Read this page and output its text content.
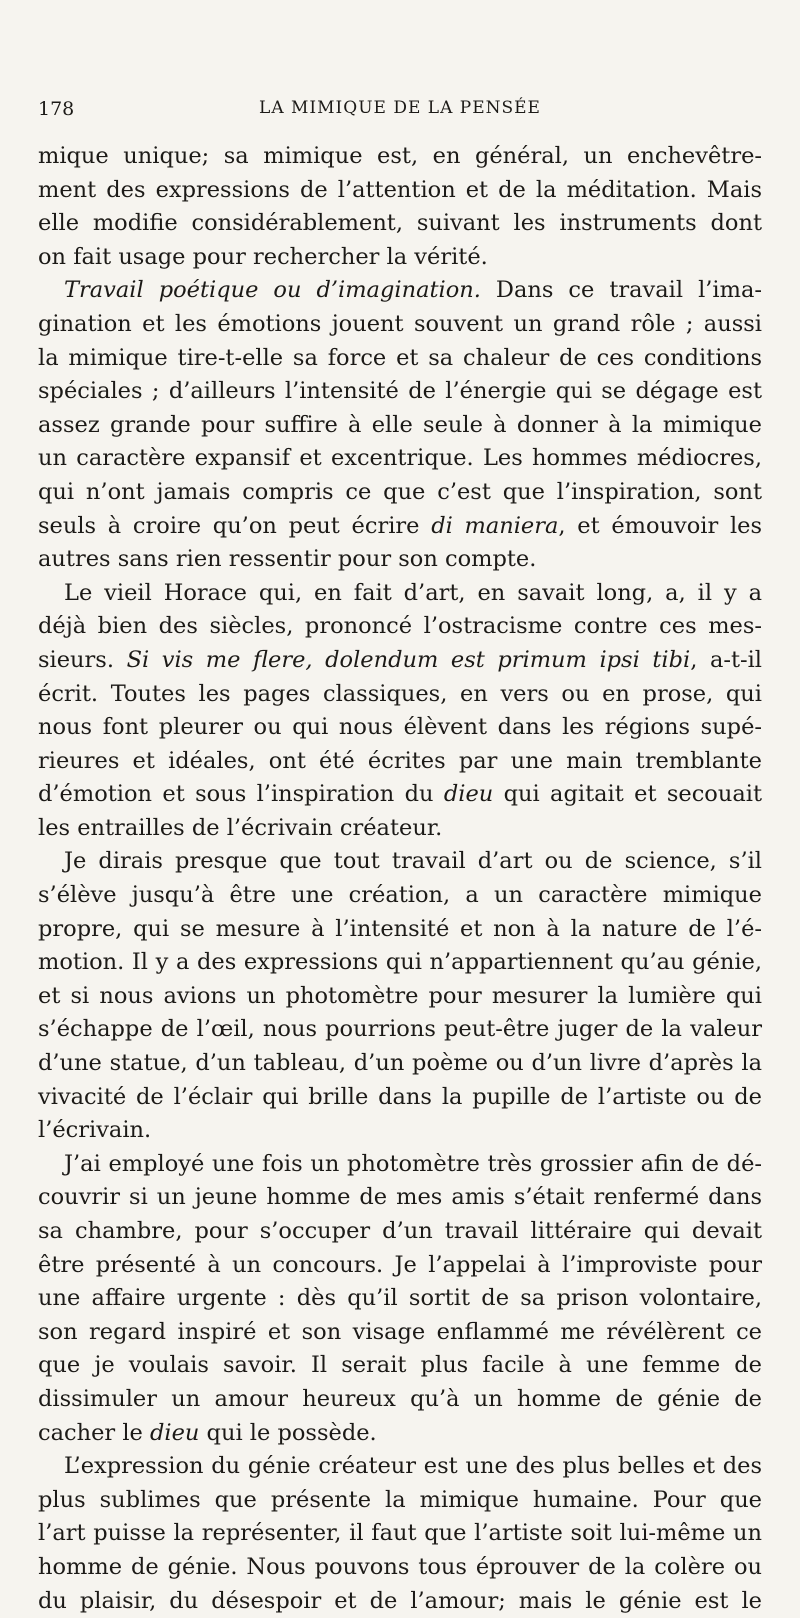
178	LA MIMIQUE DE LA PENSÉE
mique unique; sa mimique est, en général, un enchevêtre-
ment des expressions de l’attention et de la méditation. Mais
elle modifie considérablement, suivant les instruments dont
on fait usage pour rechercher la vérité.
Travail poétique ou d’imagination. Dans ce travail l’ima-
gination et les émotions jouent souvent un grand rôle ; aussi
la mimique tire-t-elle sa force et sa chaleur de ces conditions
spéciales ; d’ailleurs l’intensité de l’énergie qui se dégage est
assez grande pour suffire à elle seule à donner à la mimique
un caractère expansif et excentrique. Les hommes médiocres,
qui n’ont jamais compris ce que c’est que l’inspiration, sont
seuls à croire qu’on peut écrire di maniera, et émouvoir les
autres sans rien ressentir pour son compte.
Le vieil Horace qui, en fait d’art, en savait long, a, il y a
déjà bien des siècles, prononcé l’ostracisme contre ces mes-
sieurs. Si vis me flere, dolendum est primum ipsi tibi, a-t-il
écrit. Toutes les pages classiques, en vers ou en prose, qui
nous font pleurer ou qui nous élèvent dans les régions supé-
rieures et idéales, ont été écrites par une main tremblante
d’émotion et sous l’inspiration du dieu qui agitait et secouait
les entrailles de l’écrivain créateur.
Je dirais presque que tout travail d’art ou de science, s’il
s’élève jusqu’à être une création, a un caractère mimique
propre, qui se mesure à l’intensité et non à la nature de l’é-
motion. Il y a des expressions qui n’appartiennent qu’au génie,
et si nous avions un photomètre pour mesurer la lumière qui
s’échappe de l’œil, nous pourrions peut-être juger de la valeur
d’une statue, d’un tableau, d’un poème ou d’un livre d’après la
vivacité de l’éclair qui brille dans la pupille de l’artiste ou de
l’écrivain.
J’ai employé une fois un photomètre très grossier afin de dé-
couvrir si un jeune homme de mes amis s’était renfermé dans
sa chambre, pour s’occuper d’un travail littéraire qui devait
être présenté à un concours. Je l’appelai à l’improviste pour
une affaire urgente : dès qu’il sortit de sa prison volontaire,
son regard inspiré et son visage enflammé me révélèrent ce
que je voulais savoir. Il serait plus facile à une femme de
dissimuler un amour heureux qu’à un homme de génie de
cacher le dieu qui le possède.
L’expression du génie créateur est une des plus belles et des
plus sublimes que présente la mimique humaine. Pour que
l’art puisse la représenter, il faut que l’artiste soit lui-même un
homme de génie. Nous pouvons tous éprouver de la colère ou
du plaisir, du désespoir et de l’amour; mais le génie est le
